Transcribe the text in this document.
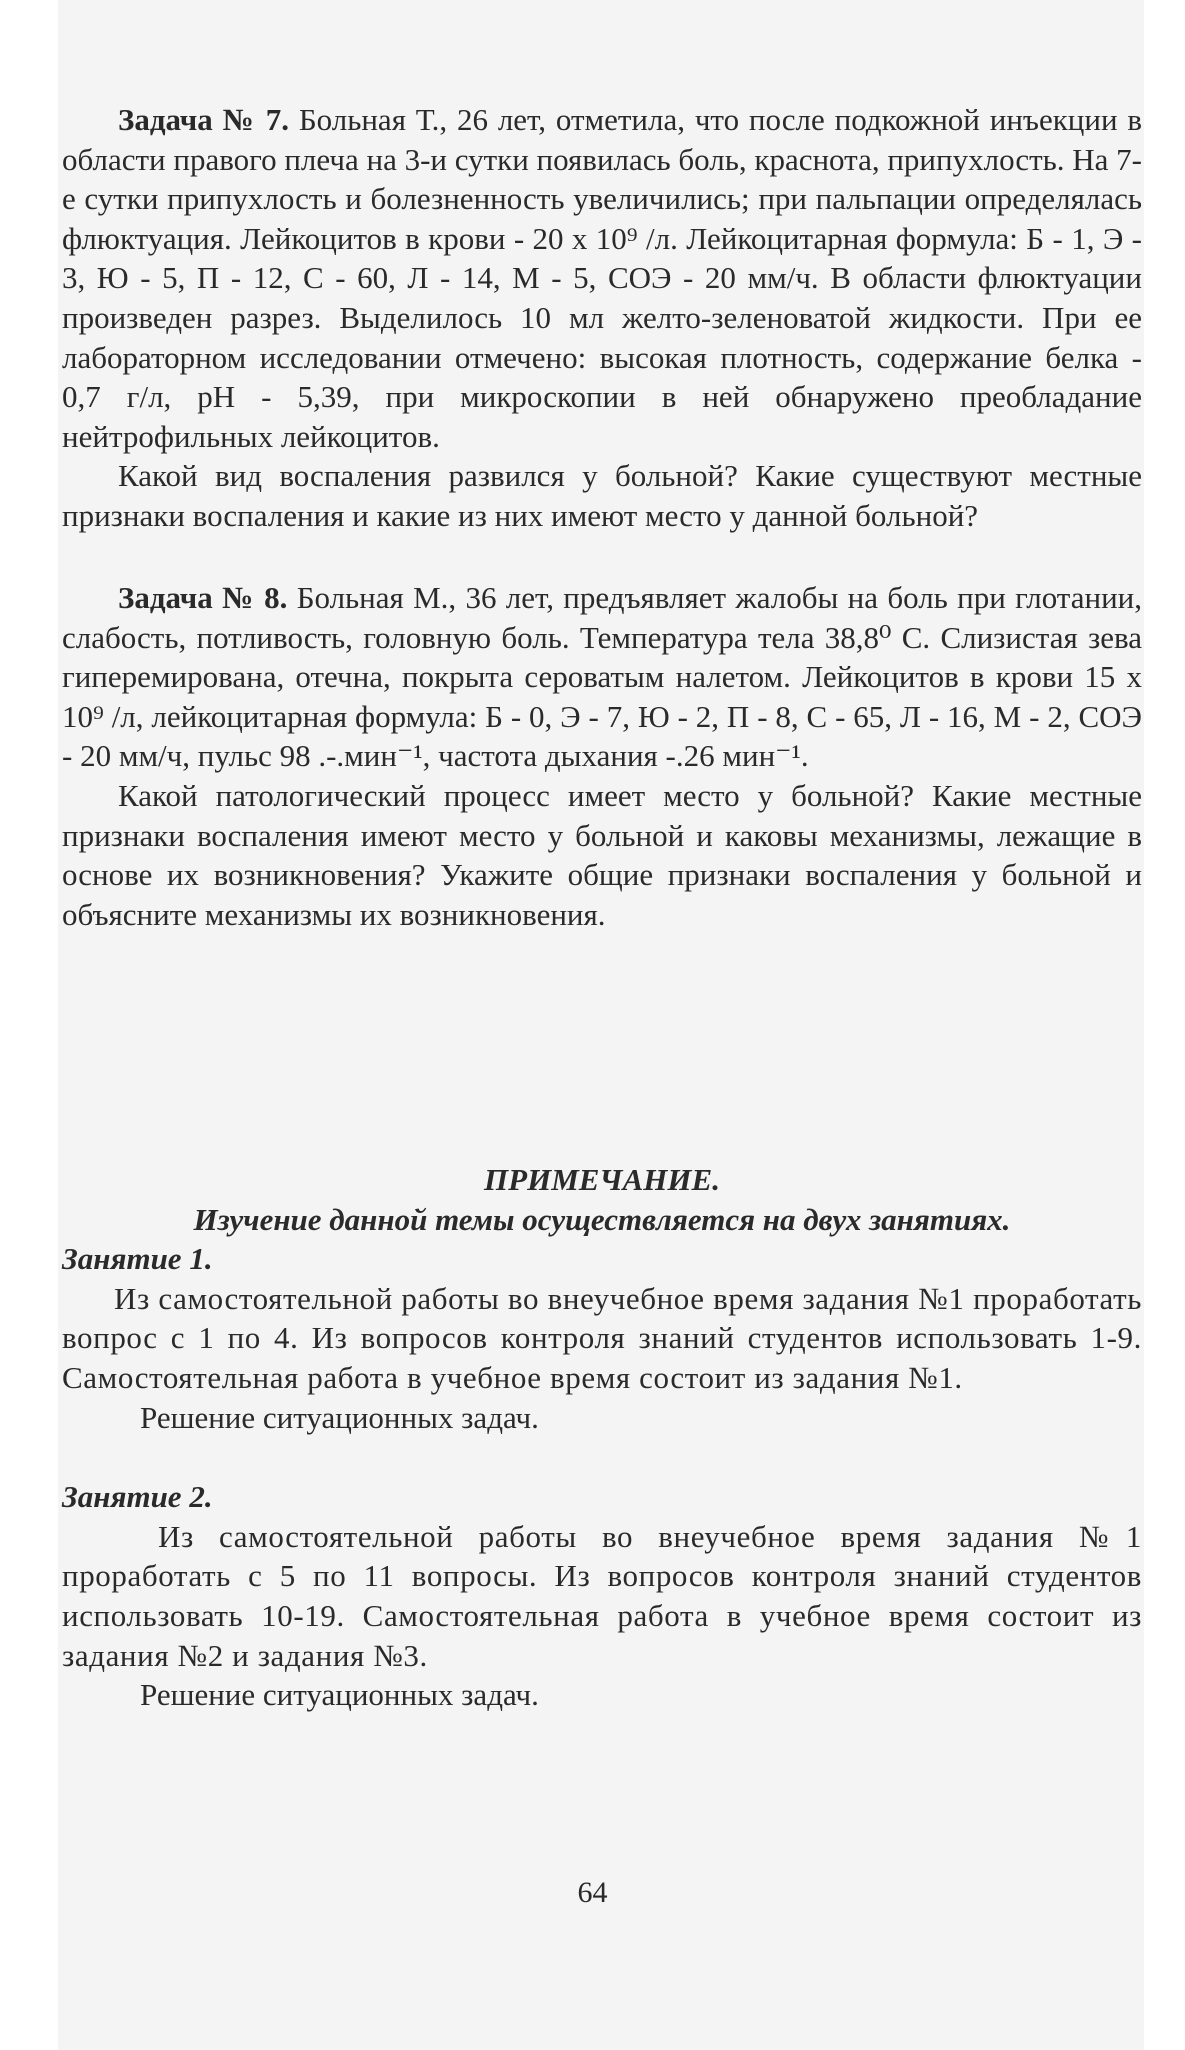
Задача № 7. Больная Т., 26 лет, отметила, что после подкожной инъекции в области правого плеча на 3-и сутки появилась боль, краснота, припухлость. На 7-е сутки припухлость и болезненность увеличились; при пальпации определялась флюктуация. Лейкоцитов в крови - 20 х 10⁹ /л. Лейкоцитарная формула: Б - 1, Э - 3, Ю - 5, П - 12, С - 60, Л - 14, М - 5, СОЭ - 20 мм/ч. В области флюктуации произведен разрез. Выделилось 10 мл желто-зеленоватой жидкости. При ее лабораторном исследовании отмечено: высокая плотность, содержание белка - 0,7 г/л, рН - 5,39, при микроскопии в ней обнаружено преобладание нейтрофильных лейкоцитов.

Какой вид воспаления развился у больной? Какие существуют местные признаки воспаления и какие из них имеют место у данной больной?

Задача № 8. Больная М., 36 лет, предъявляет жалобы на боль при глотании, слабость, потливость, головную боль. Температура тела 38,8⁰ С. Слизистая зева гиперемирована, отечна, покрыта сероватым налетом. Лейкоцитов в крови 15 х 10⁹ /л, лейкоцитарная формула: Б - 0, Э - 7, Ю - 2, П - 8, С - 65, Л - 16, М - 2, СОЭ - 20 мм/ч, пульс 98 .-.мин⁻¹, частота дыхания -.26 мин⁻¹.

Какой патологический процесс имеет место у больной? Какие местные признаки воспаления имеют место у больной и каковы механизмы, лежащие в основе их возникновения? Укажите общие признаки воспаления у больной и объясните механизмы их возникновения.

ПРИМЕЧАНИЕ.

Изучение данной темы осуществляется на двух занятиях.

Занятие 1.

Из самостоятельной работы во внеучебное время задания №1 проработать вопрос с 1 по 4. Из вопросов контроля знаний студентов использовать 1-9. Самостоятельная работа в учебное время состоит из задания №1.

Решение ситуационных задач.

Занятие 2.

Из самостоятельной работы во внеучебное время задания №1 проработать с 5 по 11 вопросы. Из вопросов контроля знаний студентов использовать 10-19. Самостоятельная работа в учебное время состоит из задания №2 и задания №3.

Решение ситуационных задач.

64
